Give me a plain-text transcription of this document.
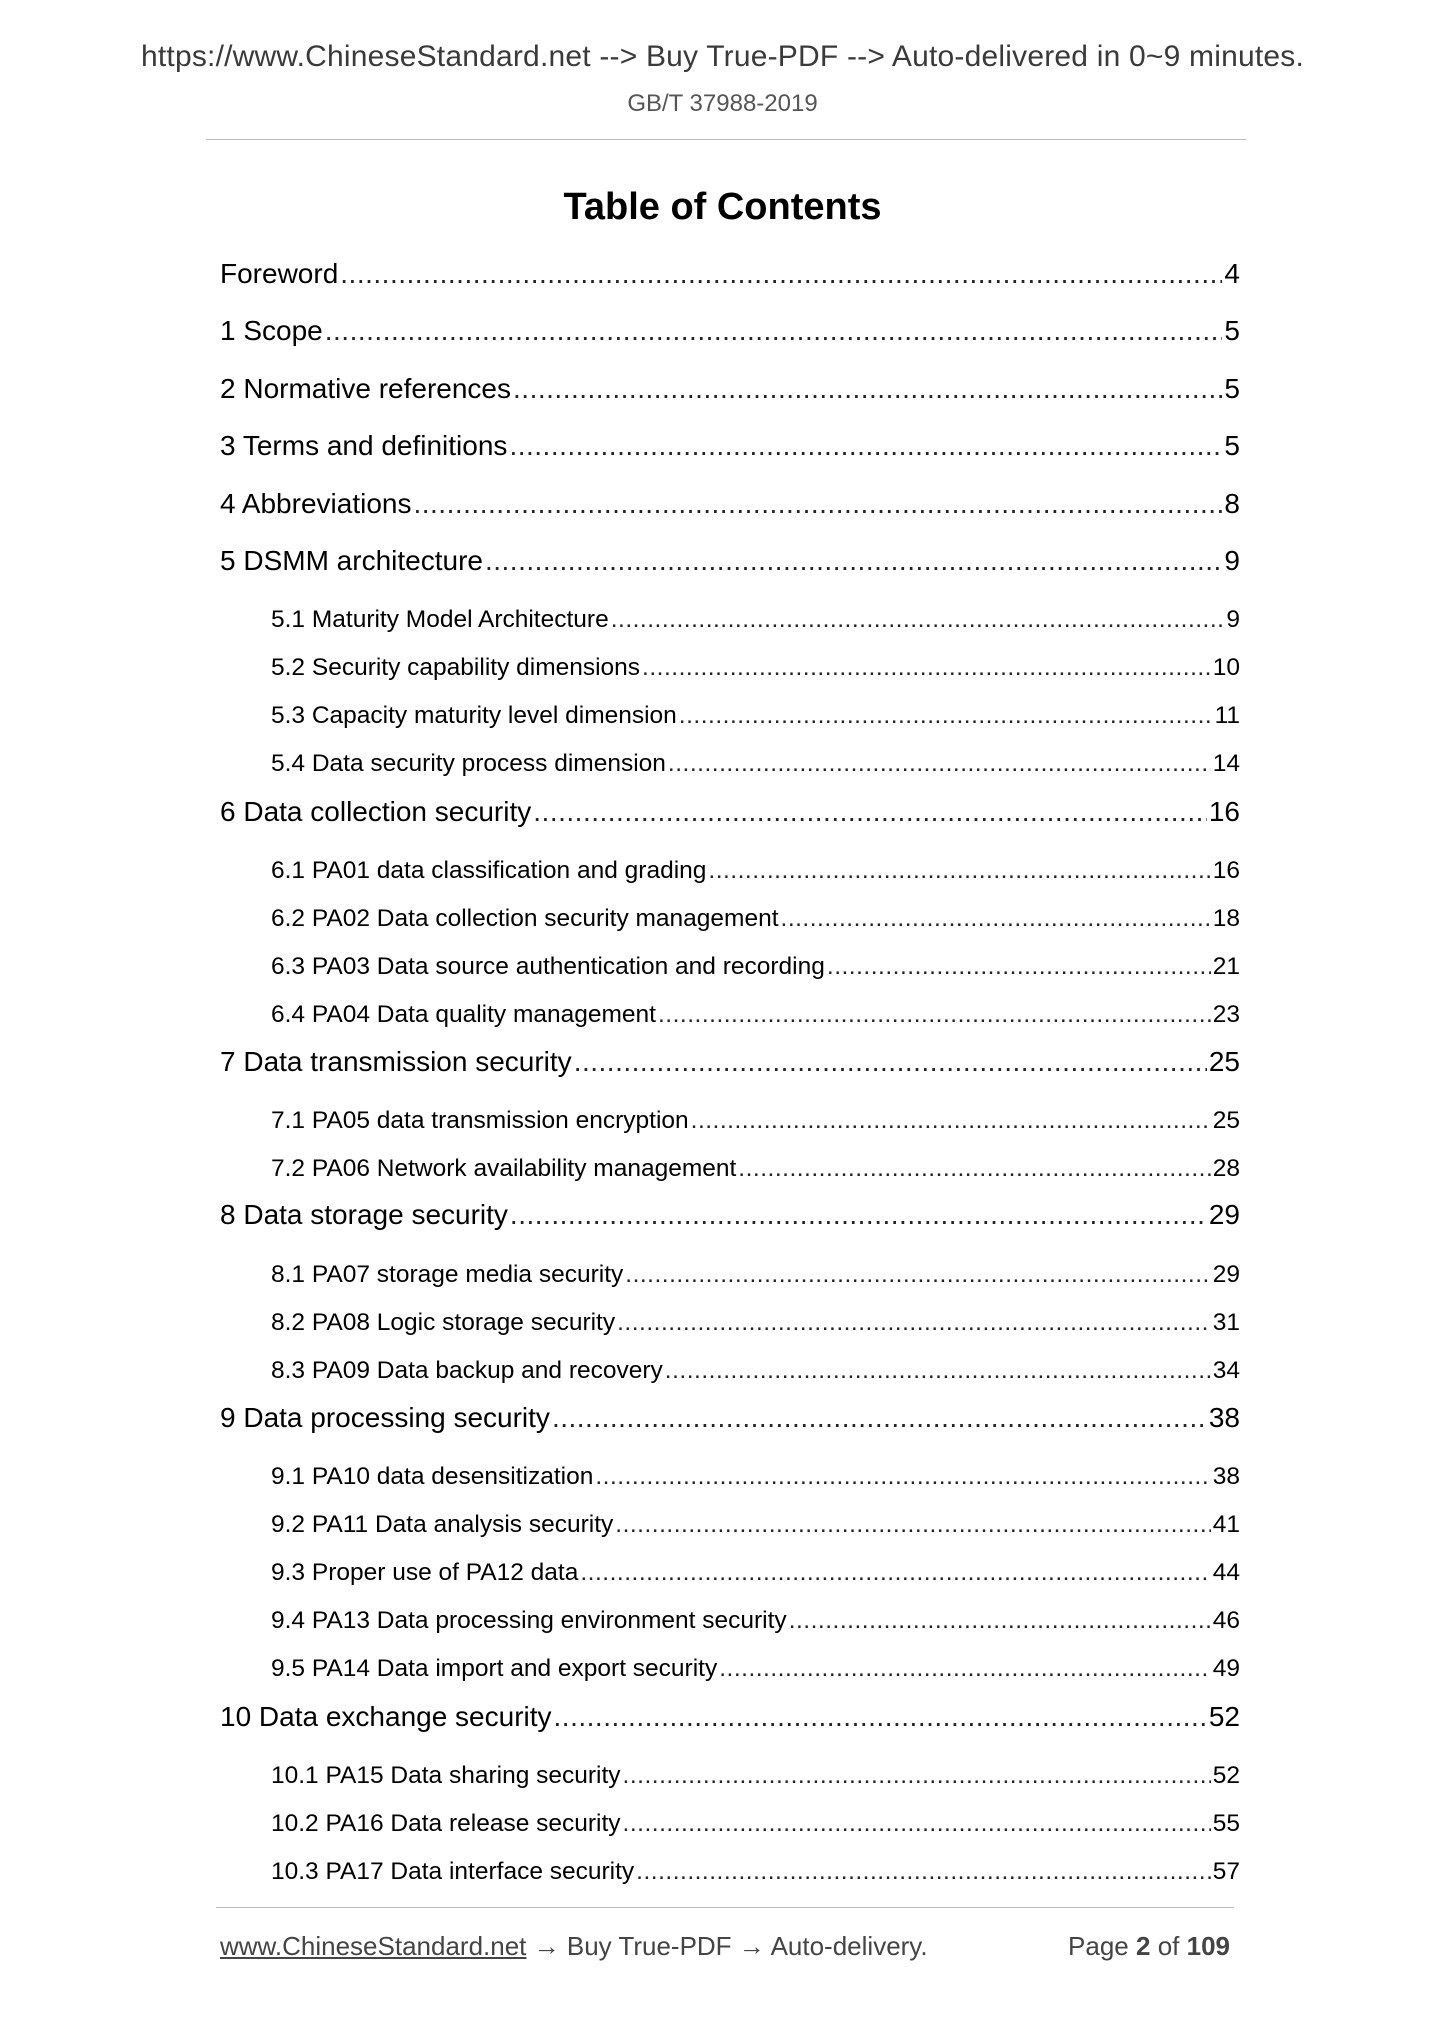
https://www.ChineseStandard.net --> Buy True-PDF --> Auto-delivered in 0~9 minutes.
GB/T 37988-2019
Table of Contents
Foreword .....	4
1 Scope .....	5
2 Normative references .....	5
3 Terms and definitions .....	5
4 Abbreviations .....	8
5 DSMM architecture .....	9
5.1 Maturity Model Architecture .....	9
5.2 Security capability dimensions .....	10
5.3 Capacity maturity level dimension .....	11
5.4 Data security process dimension .....	14
6 Data collection security .....	16
6.1 PA01 data classification and grading .....	16
6.2 PA02 Data collection security management .....	18
6.3 PA03 Data source authentication and recording .....	21
6.4 PA04 Data quality management .....	23
7 Data transmission security .....	25
7.1 PA05 data transmission encryption .....	25
7.2 PA06 Network availability management .....	28
8 Data storage security .....	29
8.1 PA07 storage media security .....	29
8.2 PA08 Logic storage security .....	31
8.3 PA09 Data backup and recovery .....	34
9 Data processing security .....	38
9.1 PA10 data desensitization .....	38
9.2 PA11 Data analysis security .....	41
9.3 Proper use of PA12 data .....	44
9.4 PA13 Data processing environment security .....	46
9.5 PA14 Data import and export security .....	49
10 Data exchange security .....	52
10.1 PA15 Data sharing security .....	52
10.2 PA16 Data release security .....	55
10.3 PA17 Data interface security .....	57
www.ChineseStandard.net → Buy True-PDF → Auto-delivery.	Page 2 of 109
